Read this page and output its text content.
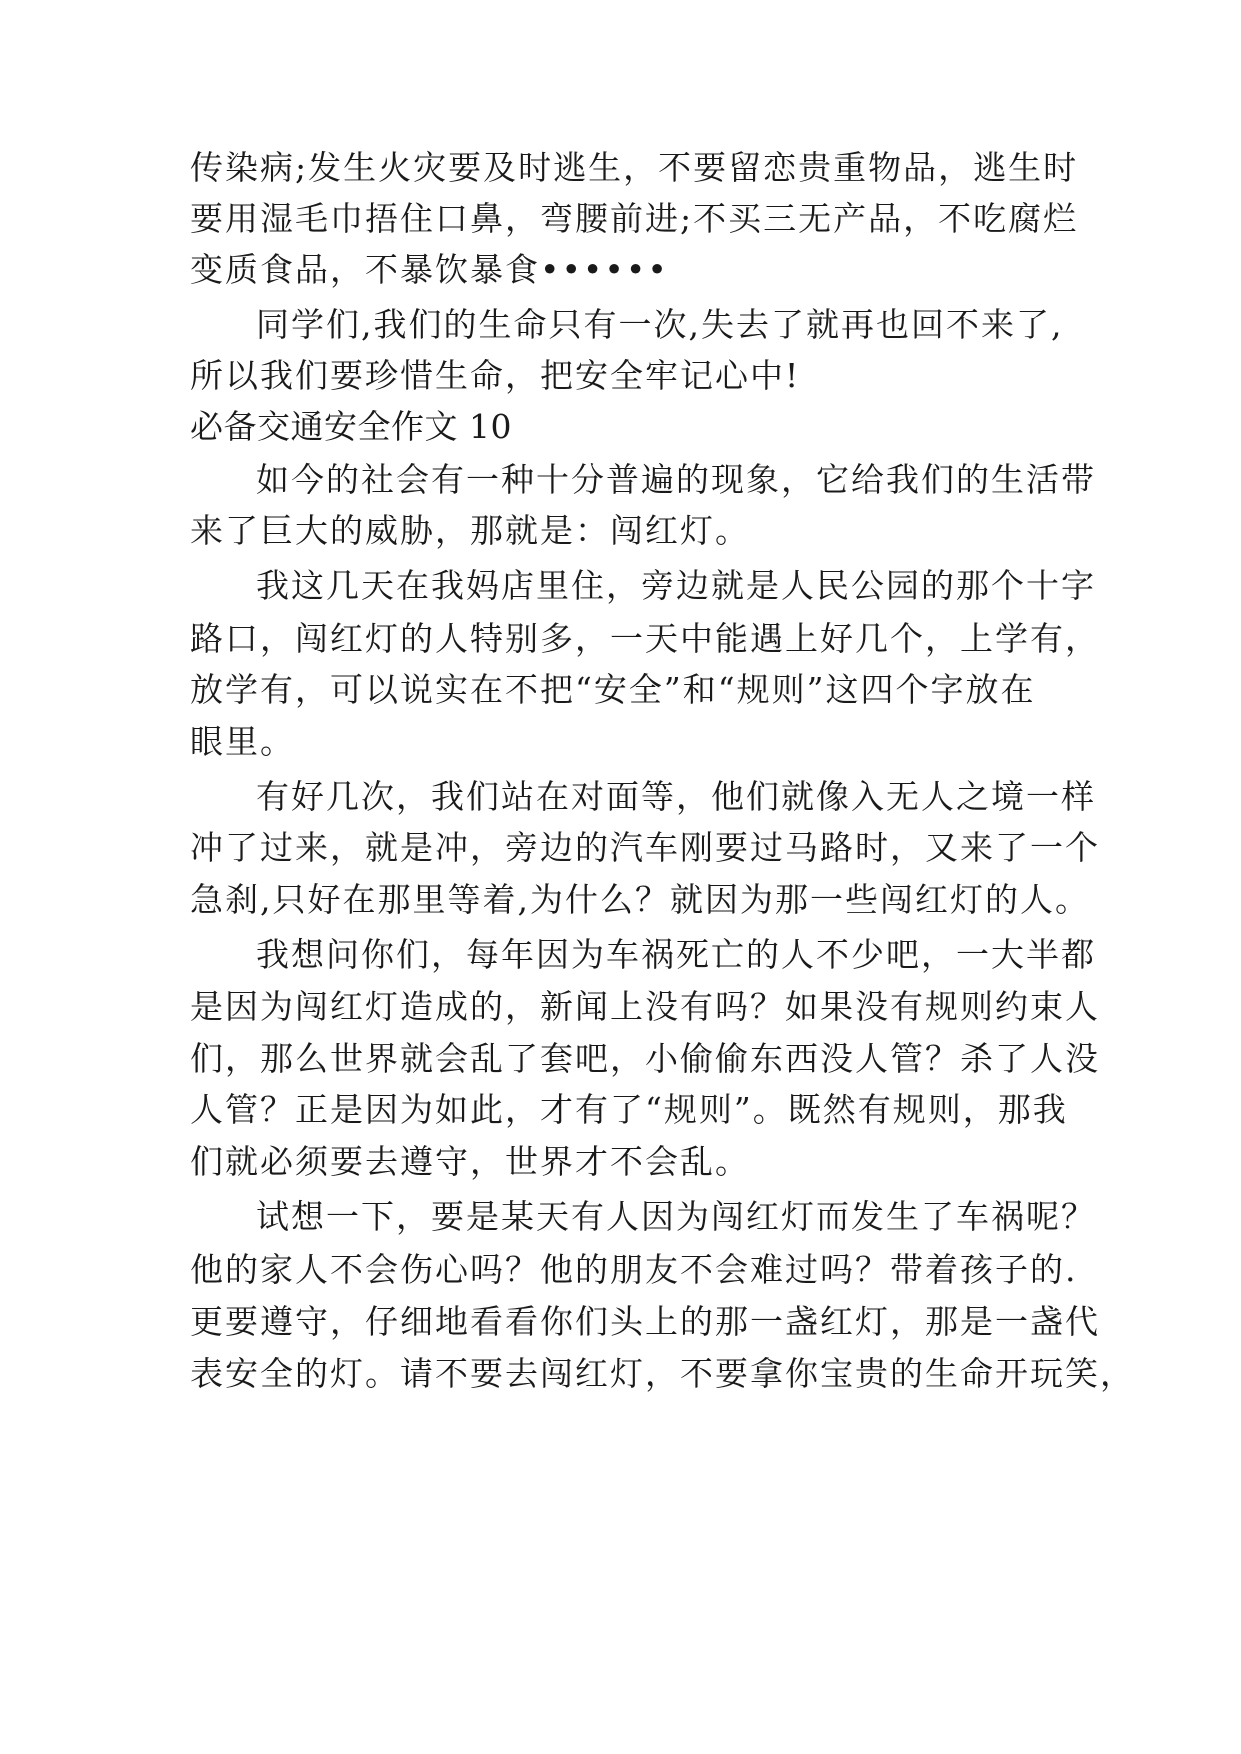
传染病;发生火灾要及时逃生，不要留恋贵重物品，逃生时
要用湿毛巾捂住口鼻，弯腰前进;不买三无产品，不吃腐烂
变质食品，不暴饮暴食••••••
同学们,我们的生命只有一次,失去了就再也回不来了,
所以我们要珍惜生命，把安全牢记心中!
必备交通安全作文 10
如今的社会有一种十分普遍的现象，它给我们的生活带
来了巨大的威胁，那就是：闯红灯。
我这几天在我妈店里住，旁边就是人民公园的那个十字
路口，闯红灯的人特别多，一天中能遇上好几个，上学有，
放学有，可以说实在不把“安全”和“规则”这四个字放在
眼里。
有好几次，我们站在对面等，他们就像入无人之境一样
冲了过来，就是冲，旁边的汽车刚要过马路时，又来了一个
急刹,只好在那里等着,为什么？就因为那一些闯红灯的人。
我想问你们，每年因为车祸死亡的人不少吧，一大半都
是因为闯红灯造成的，新闻上没有吗？如果没有规则约束人
们，那么世界就会乱了套吧，小偷偷东西没人管？杀了人没
人管？正是因为如此，才有了“规则”。既然有规则，那我
们就必须要去遵守，世界才不会乱。
试想一下，要是某天有人因为闯红灯而发生了车祸呢？
他的家人不会伤心吗？他的朋友不会难过吗？带着孩子的.
更要遵守，仔细地看看你们头上的那一盏红灯，那是一盏代
表安全的灯。请不要去闯红灯，不要拿你宝贵的生命开玩笑，
